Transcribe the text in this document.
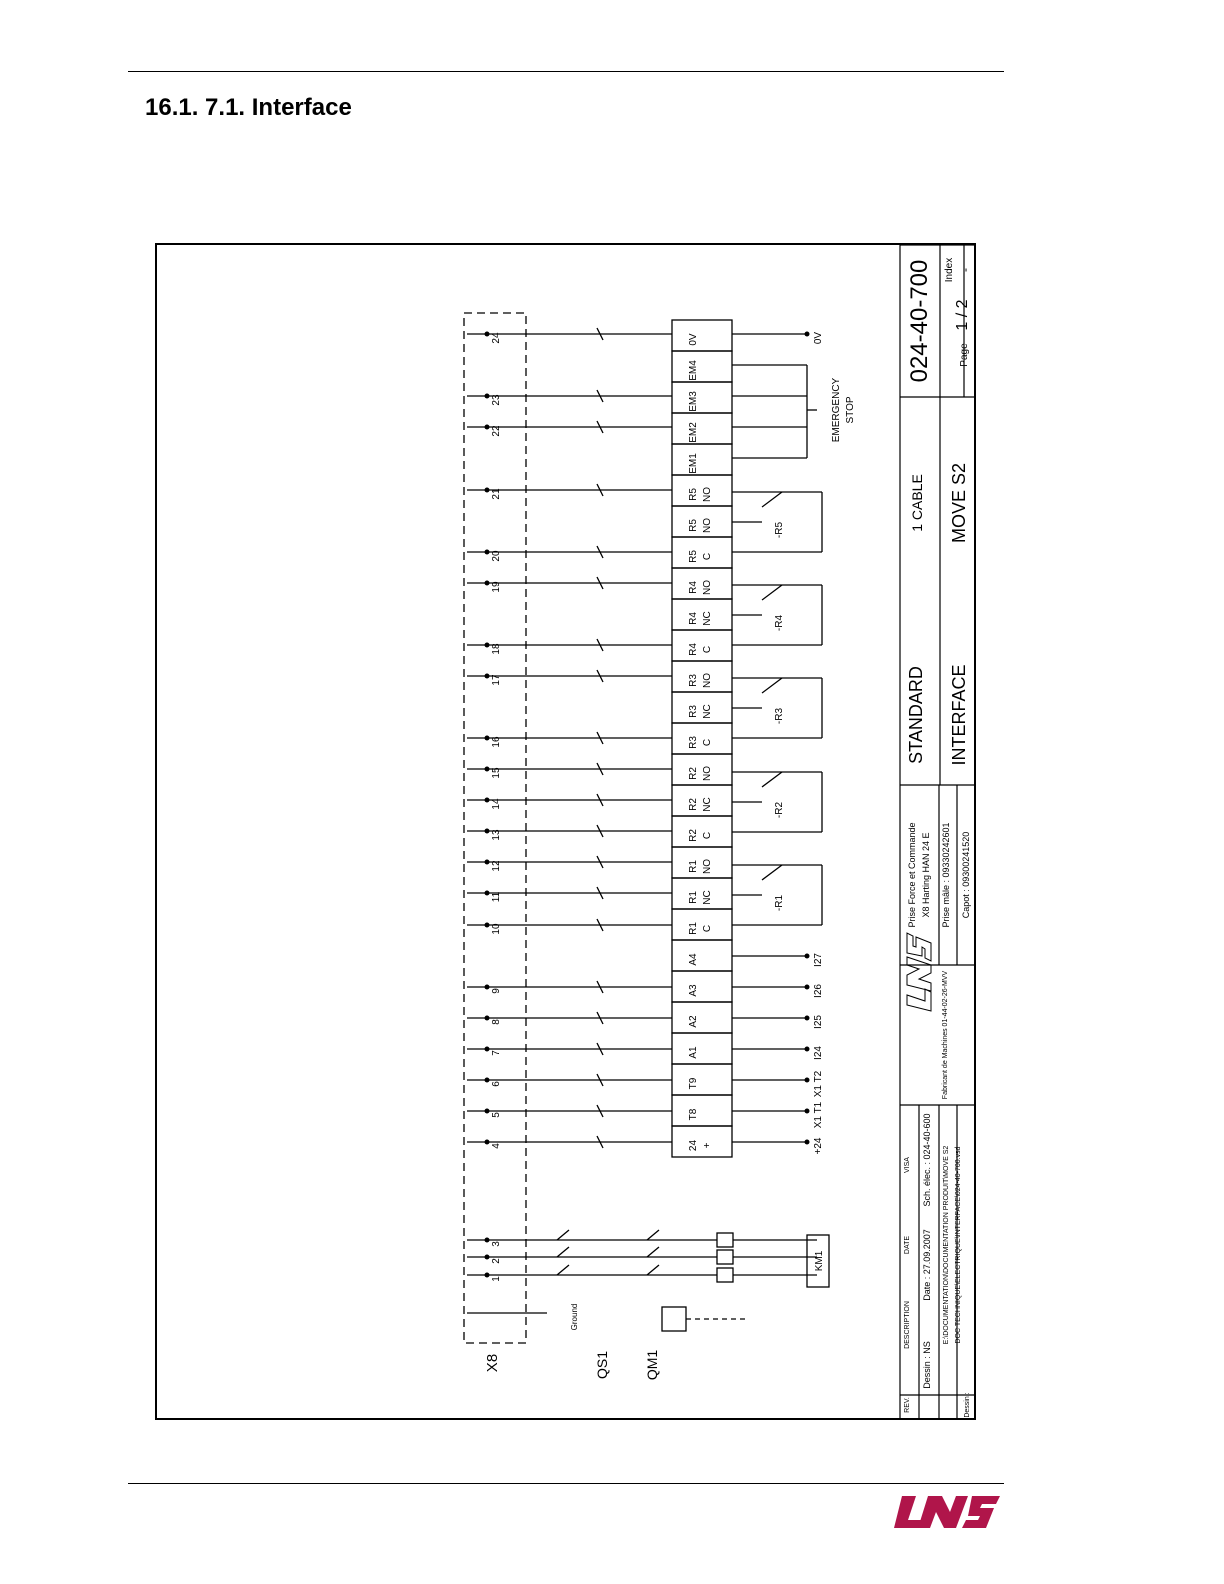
16.1. 7.1. Interface
024-40-700	Page
1 / 2
Index -
1 CABLE MOVE S2
STANDARD INTERFACE
Prise Force et Commande X8 Harting HAN 24 E Prise mâle : 09330242601 Capot : 09300241520
Fabricant de Machines 01-44-02-26-MVV
REV.
DESCRIPTION
DATE
VISA
Dessin : NS
Date : 27.09.2007
Sch. élec. : 024-40-600 E:\DOCUMENTATION\DOCUMENTATION PRODUIT\MOVE S2 DOC TECHNIQUE\ELECTRIQUE\INTERFACE\024-40-700.vsd
Dessin :
X8
4
5
6
7
8
9
10
11
12
13
14
15
16
17
18
19
20
21
22
23
24
24 +
T8
T9
A1
A2
A3
A4
R1 C
R1 NC
R1 NO
R2 C
R2 NC
R2 NO
R3 C
R3 NC
R3 NO
R4 C
R4 NC
R4 NO
R5 C
R5 NO
R5 NO
EM1
EM2
EM3
EM4
0V
+24
X1 T1
X1 T2
I24
I25
I26
I27
-R1
-R2
-R3
-R4
-R5
EMERGENCY STOP
0V
1
2
3
Ground
QS1 QM1
KM1
